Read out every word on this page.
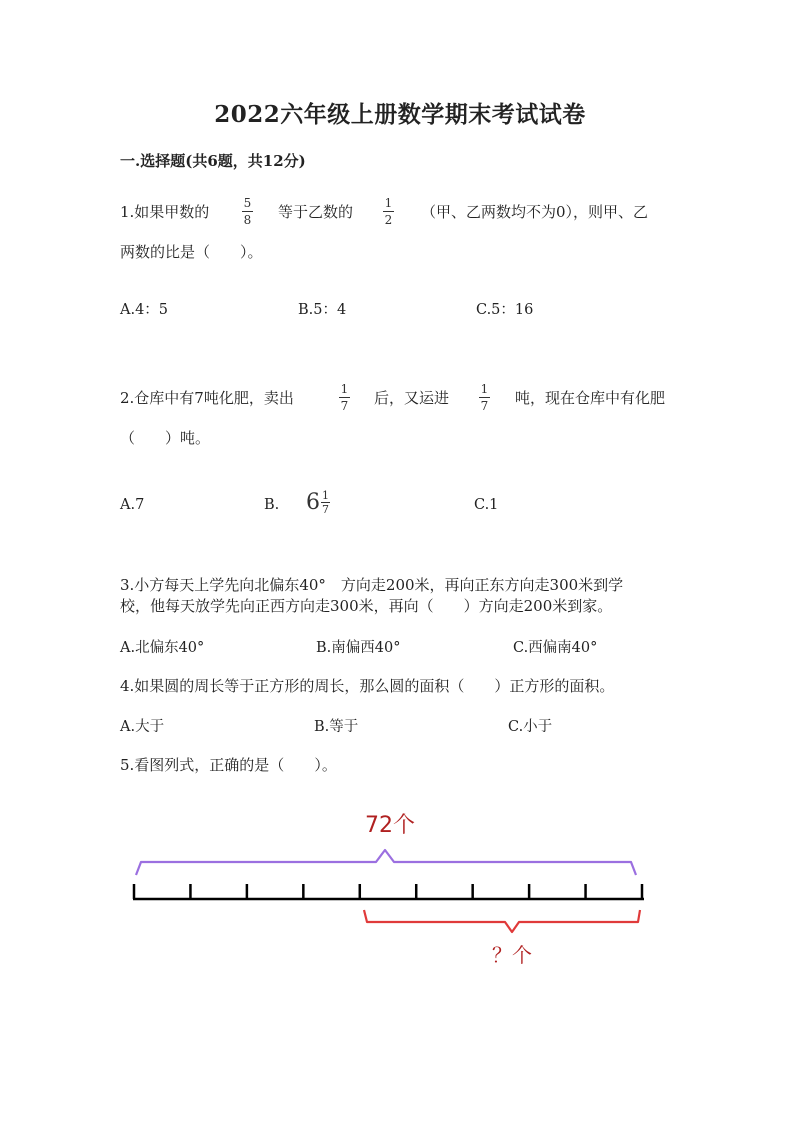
2022六年级上册数学期末考试试卷
一.选择题(共6题，共12分)
1.如果甲数的	5
8 等于乙数的	1
2 （甲、乙两数均不为0），则甲、乙
两数的比是（　　）。
A.4：5	B.5：4	C.5：16
2.仓库中有7吨化肥，卖出	1
7 后，又运进	1
7 吨，现在仓库中有化肥
（　　）吨。
A.7	B. 6 1
7	C.1
3.小方每天上学先向北偏东40°　方向走200米，再向正东方向走300米到学
校，他每天放学先向正西方向走300米，再向（　　）方向走200米到家。
A.北偏东40°	B.南偏西40°	C.西偏南40°
4.如果圆的周长等于正方形的周长，那么圆的面积（　　）正方形的面积。
A.大于	B.等于	C.小于
5.看图列式，正确的是（　　）。
72个
？个
